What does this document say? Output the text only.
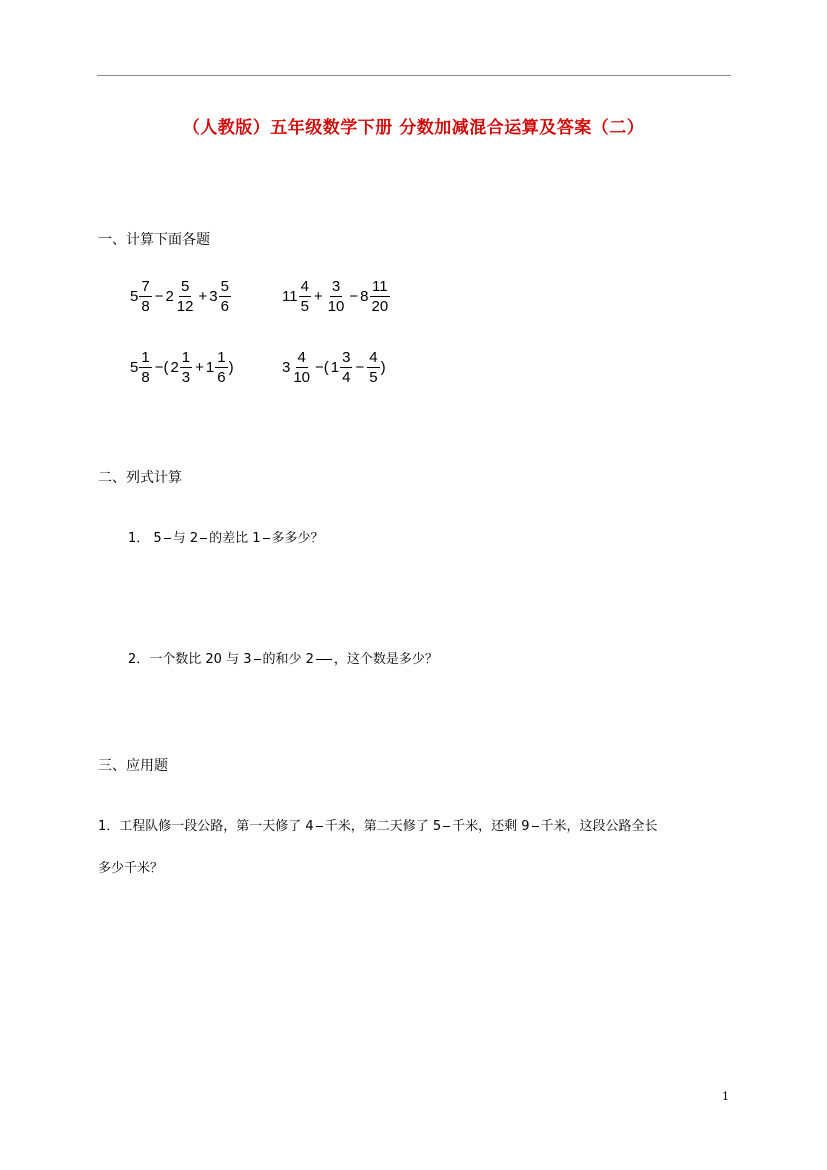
（人教版）五年级数学下册 分数加减混合运算及答案（二）
一、计算下面各题
$5 \frac{7}{8} - 2 \frac{5}{12} + 3 \frac{5}{6}$	$11 \frac{4}{5} + \frac{3}{10} - 8 \frac{11}{20}$
$5 \frac{1}{8}$ −( $2 \frac{1}{3} + 1 \frac{1}{6}$ )	$3 \frac{4}{10}$ −( $1 \frac{3}{4} - \frac{4}{5}$ )
二、列式计算
1． 5 与 2 的差比 1 多多少？
2．一个数比 20 与 3 的和少 2 ，这个数是多少？
三、应用题
1．工程队修一段公路，第一天修了 4 千米，第二天修了 5 千米，还剩 9 千米，这段公路全长
多少千米？
1
